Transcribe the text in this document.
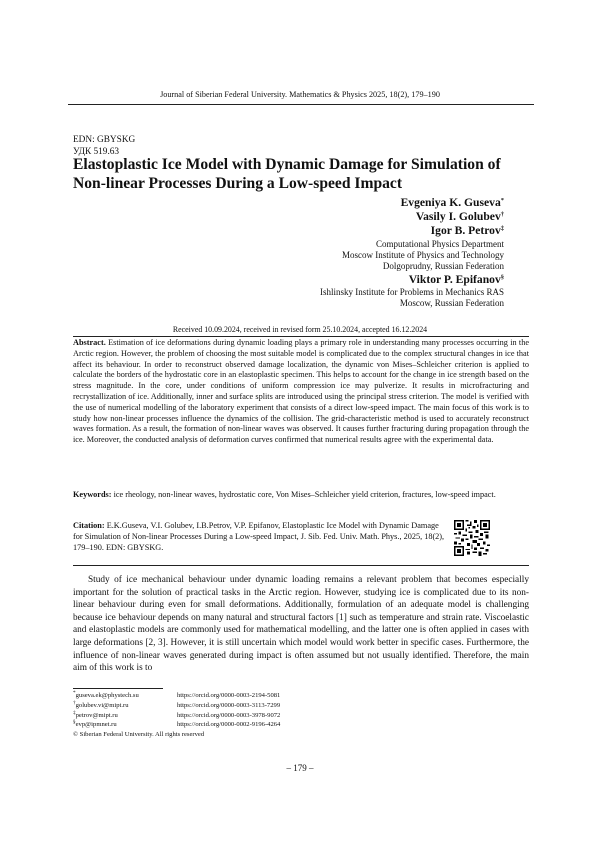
Journal of Siberian Federal University. Mathematics & Physics 2025, 18(2), 179–190
EDN: GBYSKG
УДК 519.63
Elastoplastic Ice Model with Dynamic Damage for Simulation of Non-linear Processes During a Low-speed Impact
Evgeniya K. Guseva*
Vasily I. Golubev†
Igor B. Petrov‡
Computational Physics Department
Moscow Institute of Physics and Technology
Dolgoprudny, Russian Federation
Viktor P. Epifanov§
Ishlinsky Institute for Problems in Mechanics RAS
Moscow, Russian Federation
Received 10.09.2024, received in revised form 25.10.2024, accepted 16.12.2024
Abstract. Estimation of ice deformations during dynamic loading plays a primary role in understanding many processes occurring in the Arctic region. However, the problem of choosing the most suitable model is complicated due to the complex structural changes in ice that affect its behaviour. In order to reconstruct observed damage localization, the dynamic von Mises–Schleicher criterion is applied to calculate the borders of the hydrostatic core in an elastoplastic specimen. This helps to account for the change in ice strength based on the stress magnitude. In the core, under conditions of uniform compression ice may pulverize. It results in microfracturing and recrystallization of ice. Additionally, inner and surface splits are introduced using the principal stress criterion. The model is verified with the use of numerical modelling of the laboratory experiment that consists of a direct low-speed impact. The main focus of this work is to study how non-linear processes influence the dynamics of the collision. The grid-characteristic method is used to accurately reconstruct waves formation. As a result, the formation of non-linear waves was observed. It causes further fracturing during propagation through the ice. Moreover, the conducted analysis of deformation curves confirmed that numerical results agree with the experimental data.
Keywords: ice rheology, non-linear waves, hydrostatic core, Von Mises–Schleicher yield criterion, fractures, low-speed impact.
Citation: E.K.Guseva, V.I. Golubev, I.B.Petrov, V.P. Epifanov, Elastoplastic Ice Model with Dynamic Damage for Simulation of Non-linear Processes During a Low-speed Impact, J. Sib. Fed. Univ. Math. Phys., 2025, 18(2), 179–190. EDN: GBYSKG.
Study of ice mechanical behaviour under dynamic loading remains a relevant problem that becomes especially important for the solution of practical tasks in the Arctic region. However, studying ice is complicated due to its non-linear behaviour during even for small deformations. Additionally, formulation of an adequate model is challenging because ice behaviour depends on many natural and structural factors [1] such as temperature and strain rate. Viscoelastic and elastoplastic models are commonly used for mathematical modelling, and the latter one is often applied in cases with large deformations [2, 3]. However, it is still uncertain which model would work better in specific cases. Furthermore, the influence of non-linear waves generated during impact is often assumed but not usually identified. Therefore, the main aim of this work is to
*guseva.ek@phystech.su	https://orcid.org/0000-0003-2194-5081
†golubev.vi@mipt.ru	https://orcid.org/0000-0003-3113-7299
‡petrov@mipt.ru	https://orcid.org/0000-0003-3978-9072
§evp@ipmnet.ru	https://orcid.org/0000-0002-9196-4264
© Siberian Federal University. All rights reserved
– 179 –
